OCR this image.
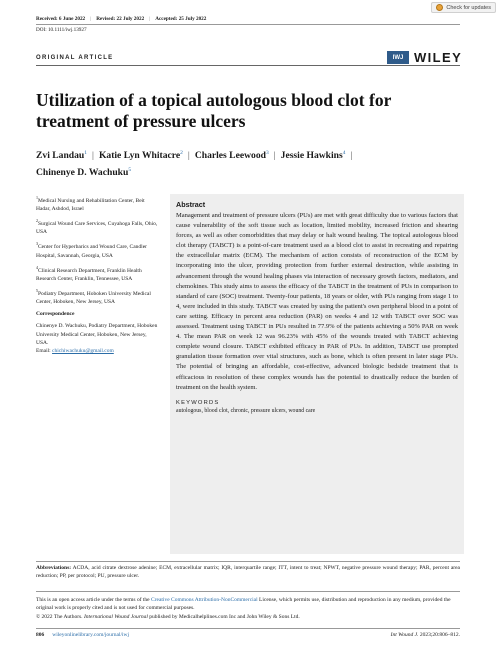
Check for updates
Received: 6 June 2022 | Revised: 22 July 2022 | Accepted: 25 July 2022
DOI: 10.1111/iwj.13927
ORIGINAL ARTICLE	IWJ WILEY
Utilization of a topical autologous blood clot for treatment of pressure ulcers
Zvi Landau$^1$ | Katie Lyn Whitacre$^2$ | Charles Leewood$^3$ | Jessie Hawkins$^4$ |
Chinenye D. Wachuku$^5$

$^1$Medical Nursing and Rehabilitation Center, Beit Hadar, Ashdod, Israel

$^2$Surgical Wound Care Services, Cuyahoga Falls, Ohio, USA

$^3$Center for Hyperbarics and Wound Care, Candler Hospital, Savannah, Georgia, USA

$^4$Clinical Research Department, Franklin Health Research Center, Franklin, Tennessee, USA

$^5$Podiatry Department, Hoboken University Medical Center, Hoboken, New Jersey, USA

Correspondence

Chinenye D. Wachuku, Podiatry Department, Hoboken University Medical Center, Hoboken, New Jersey, USA.
Email: chichiwachuku@gmail.com

Abstract

Management and treatment of pressure ulcers (PUs) are met with great difficulty due to various factors that cause vulnerability of the soft tissue such as location, limited mobility, increased friction and shearing forces, as well as other comorbidities that may delay or halt wound healing. The topical autologous blood clot therapy (TABCT) is a point-of-care treatment used as a blood clot to assist in recreating and repairing the extracellular matrix (ECM). The mechanism of action consists of reconstruction of the ECM by incorporating into the ulcer, providing protection from further external destruction, while assisting in advancement through the wound healing phases via interaction of necessary growth factors, mediators, and chemokines. This study aims to assess the efficacy of the TABCT in the treatment of PUs in comparison to standard of care (SOC) treatment. Twenty-four patients, 18 years or older, with PUs ranging from stage 1 to 4, were included in this study. TABCT was created by using the patient's own peripheral blood in a point of care setting. Efficacy in percent area reduction (PAR) on weeks 4 and 12 with TABCT over SOC was assessed. Treatment using TABCT in PUs resulted in 77.9% of the patients achieving a 50% PAR on week 4. The mean PAR on week 12 was 96.23% with 45% of the wounds treated with TABCT achieving complete wound closure. TABCT exhibited efficacy in PAR of PUs. In addition, TABCT use prompted granulation tissue formation over vital structures, such as bone, which is often present in later stage PUs. The potential of bringing an affordable, cost-effective, advanced biologic bedside treatment that is efficacious in resolution of these complex wounds has the potential to drastically reduce the burden of treatment on the health system.

KEYWORDS
autologous, blood clot, chronic, pressure ulcers, wound care
Abbreviations: ACDA, acid citrate dextrose adenine; ECM, extracellular matrix; IQR, interquartile range; ITT, intent to treat; NPWT, negative pressure wound therapy; PAR, percent area reduction; PP, per protocol; PU, pressure ulcer.
This is an open access article under the terms of the Creative Commons Attribution-NonCommercial License, which permits use, distribution and reproduction in any medium, provided the original work is properly cited and is not used for commercial purposes.
© 2022 The Authors. International Wound Journal published by Medicalhelplines.com Inc and John Wiley & Sons Ltd.
806 wileyonlinelibrary.com/journal/iwj	Int Wound J. 2023;20:806–812.
